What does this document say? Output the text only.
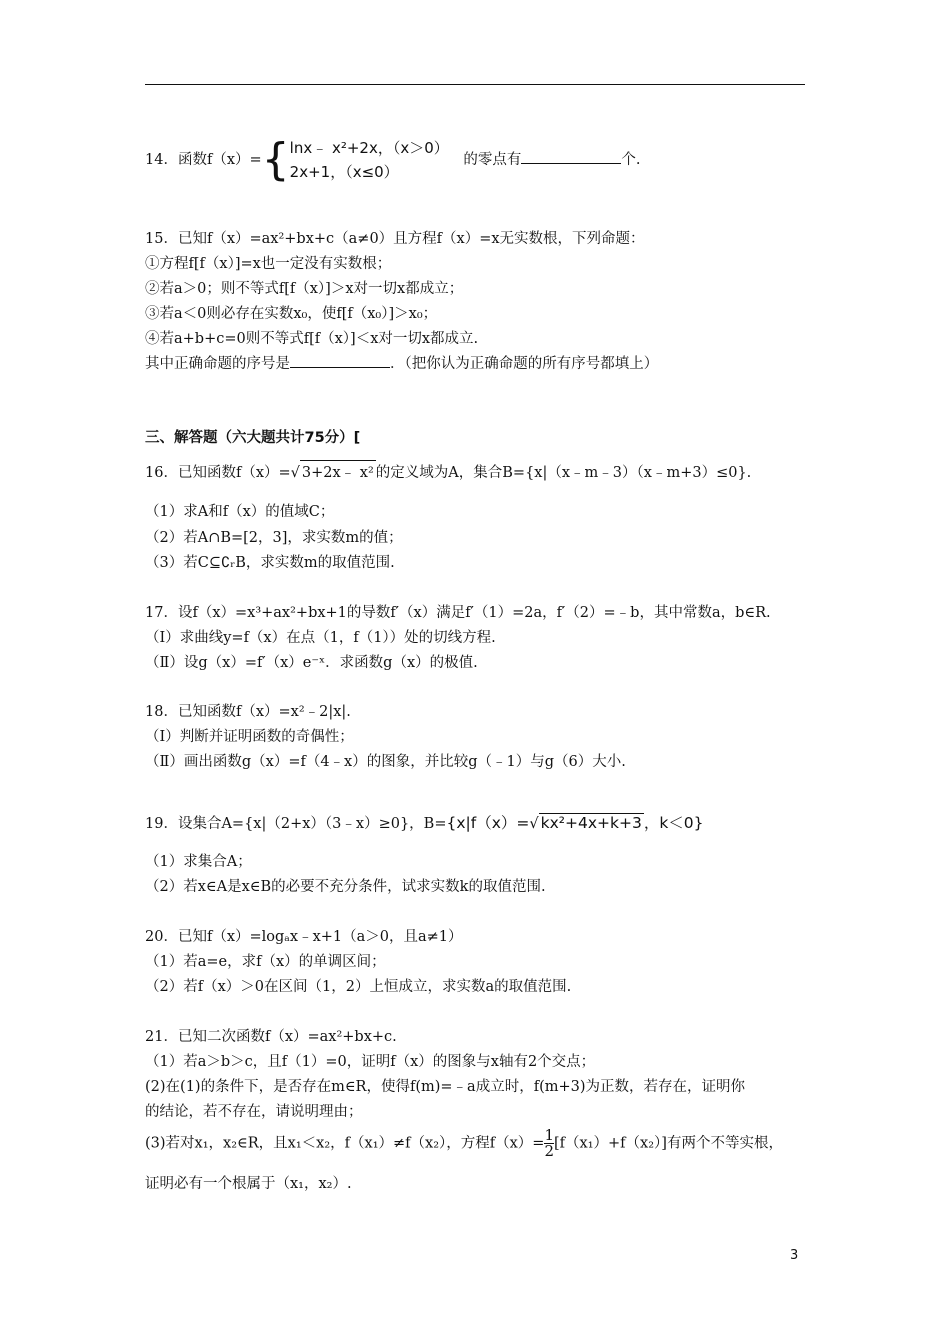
14．函数f（x）={ lnx﹣ x²+2x，（x＞0）
2x+1，（x≤0）
的零点有	个.
15．已知f（x）=ax²+bx+c（a≠0）且方程f（x）=x无实数根，下列命题：
①方程f[f（x）]=x也一定没有实数根；
②若a＞0；则不等式f[f（x）]＞x对一切x都成立；
③若a＜0则必存在实数x₀，使f[f（x₀）]＞x₀；
④若a+b+c=0则不等式f[f（x）]＜x对一切x都成立.
其中正确命题的序号是	．（把你认为正确命题的所有序号都填上）
三、解答题（六大题共计75分）[
16．已知函数f（x）=√ 3+2x﹣ x² 的定义域为A，集合B={x|（x﹣m﹣3）（x﹣m+3）≤0}.
（1）求A和f（x）的值域C；
（2）若A∩B=[2，3]，求实数m的值；
（3）若C⊆∁ᵣB，求实数m的取值范围.
17．设f（x）=x³+ax²+bx+1的导数f′（x）满足f′（1）=2a，f′（2）=﹣b，其中常数a，b∈R.
（Ⅰ）求曲线y=f（x）在点（1，f（1））处的切线方程.
（Ⅱ）设g（x）=f′（x）e⁻ˣ．求函数g（x）的极值.
18．已知函数f（x）=x²﹣2|x|.
（Ⅰ）判断并证明函数的奇偶性；
（Ⅱ）画出函数g（x）=f（4﹣x）的图象，并比较g（﹣1）与g（6）大小.
19．设集合A={x|（2+x）（3﹣x）≥0}，B={x|f（x）=√ kx²+4x+k+3 ，k＜0}
（1）求集合A；
（2）若x∈A是x∈B的必要不充分条件，试求实数k的取值范围.
20．已知f（x）=logₐx﹣x+1（a＞0，且a≠1）
（1）若a=e，求f（x）的单调区间；
（2）若f（x）＞0在区间（1，2）上恒成立，求实数a的取值范围.
21．已知二次函数f（x）=ax²+bx+c.
（1）若a＞b＞c，且f（1）=0，证明f（x）的图象与x轴有2个交点；
(2)在(1)的条件下，是否存在m∈R，使得f(m)=﹣a成立时，f(m+3)为正数，若存在，证明你
的结论，若不存在，请说明理由；
(3)若对x₁，x₂∈R，且x₁＜x₂，f（x₁）≠f（x₂），方程$f(x)= \frac{1}{2} [f(x_1)+f(x_2)]$有两个不等实根，
证明必有一个根属于（x₁，x₂）.
3
